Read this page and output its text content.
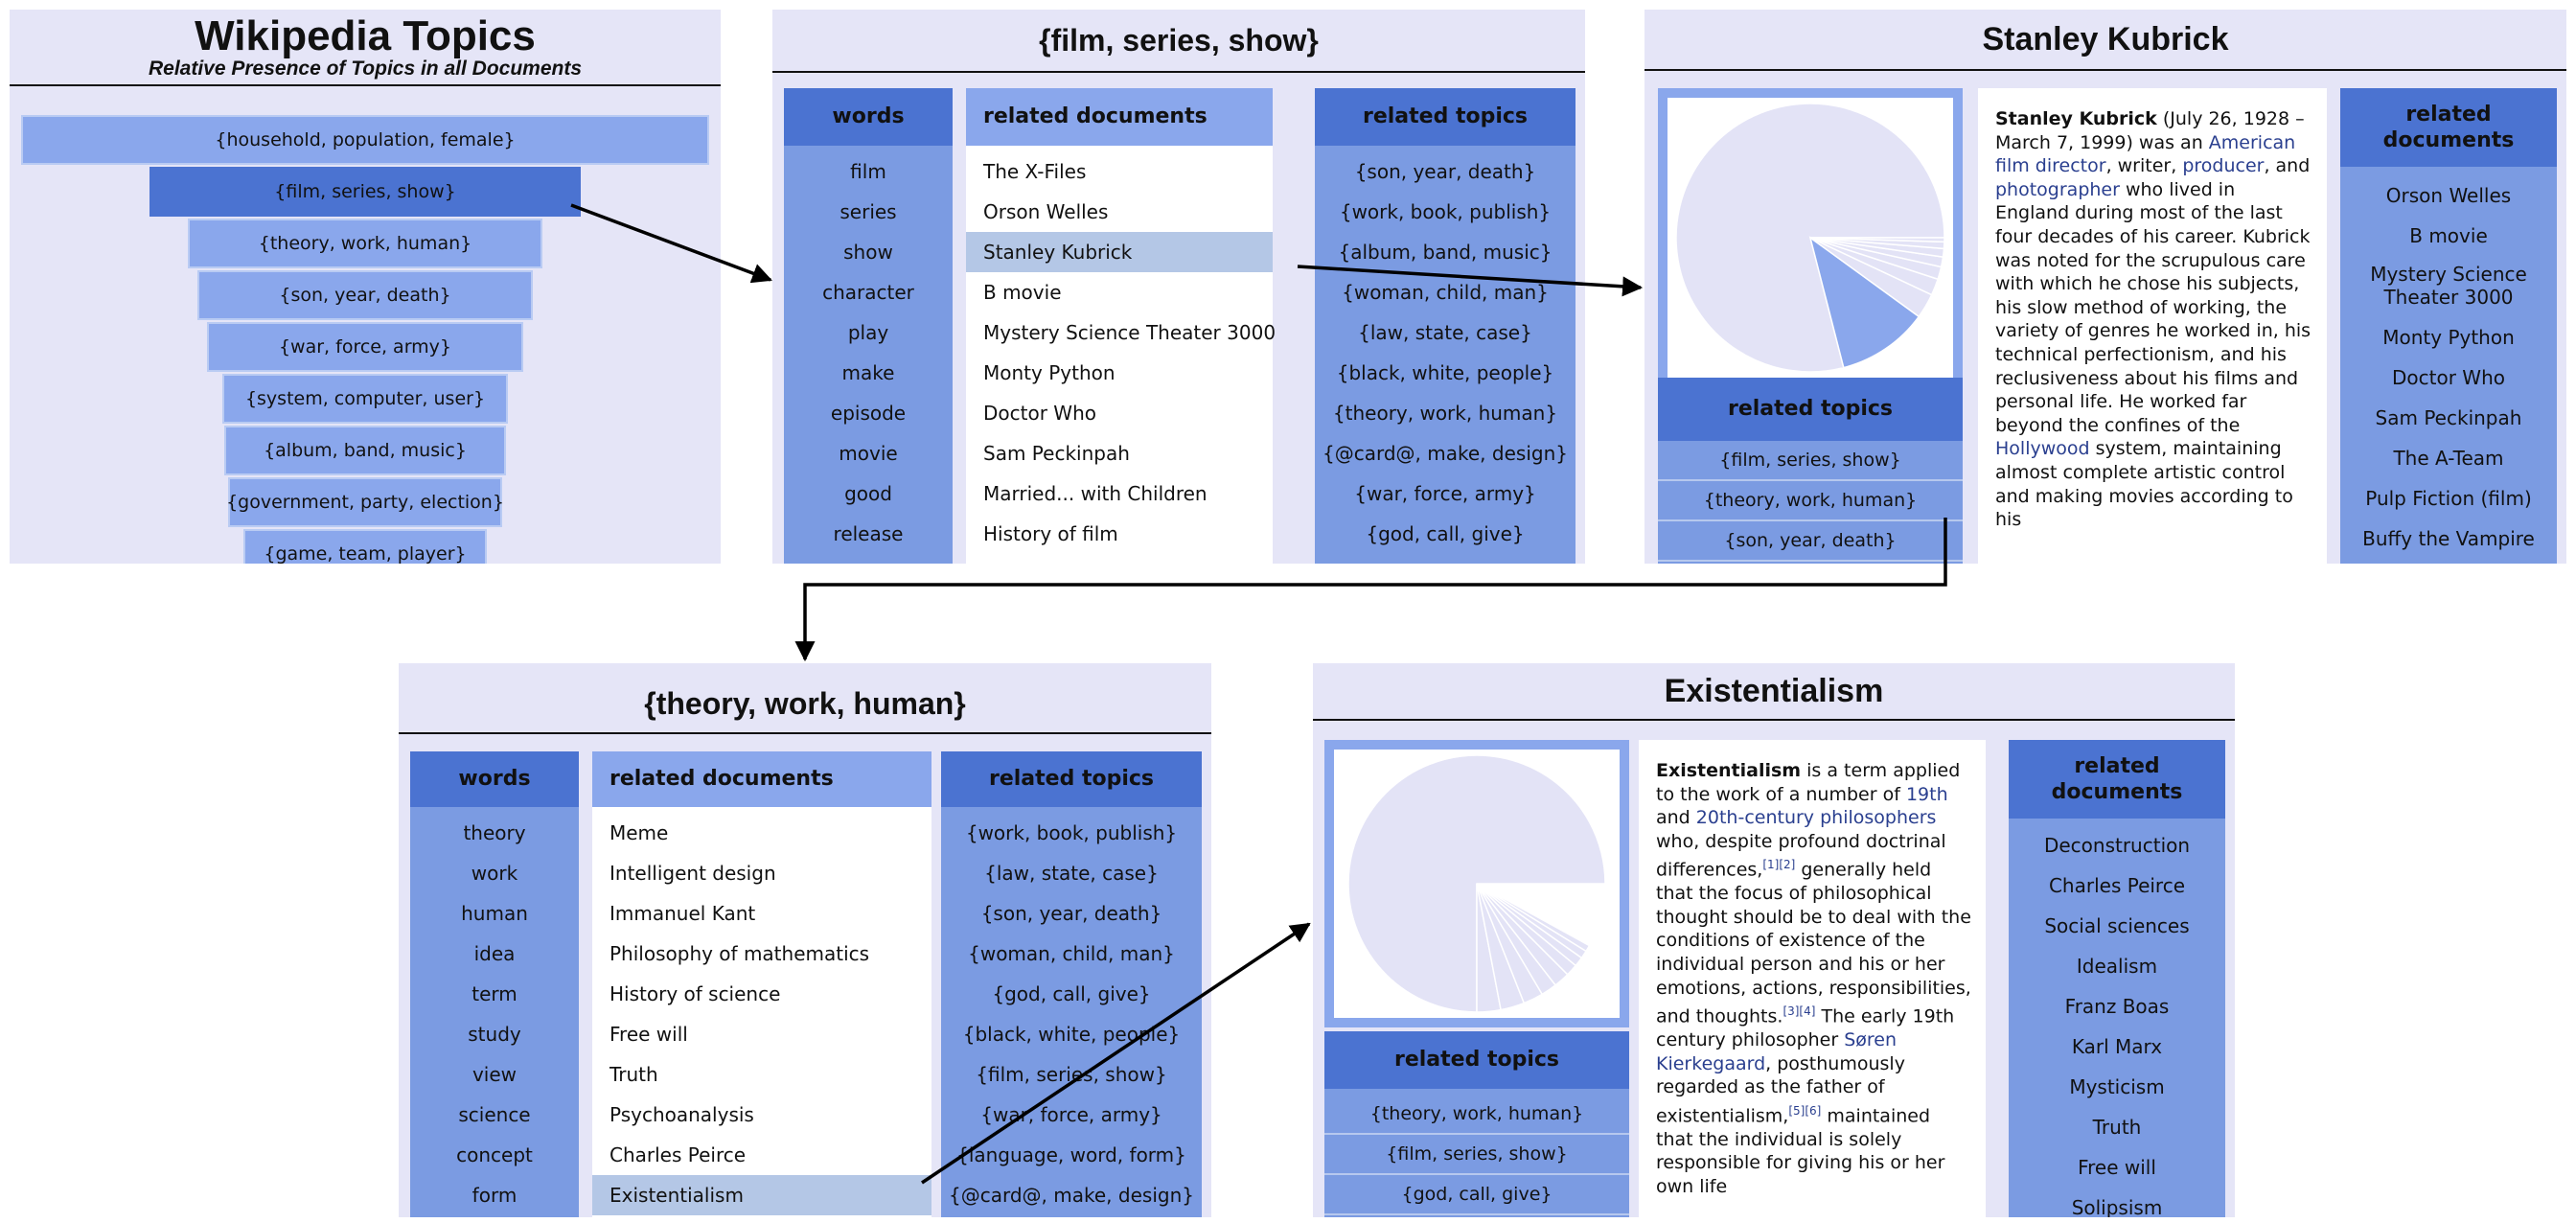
Wikipedia Topics
Relative Presence of Topics in all Documents
{household, population, female}
{film, series, show}
{theory, work, human}
{son, year, death}
{war, force, army}
{system, computer, user}
{album, band, music}
{government, party, election}
{game, team, player}
{film, series, show}
words
film
series
show
character
play
make
episode
movie
good
release
related documents
The X-Files
Orson Welles
Stanley Kubrick
B movie
Mystery Science Theater 3000
Monty Python
Doctor Who
Sam Peckinpah
Married... with Children
History of film
related topics
{son, year, death}
{work, book, publish}
{album, band, music}
{woman, child, man}
{law, state, case}
{black, white, people}
{theory, work, human}
{@card@, make, design}
{war, force, army}
{god, call, give}
Stanley Kubrick
related topics
{film, series, show}
{theory, work, human}
{son, year, death}
Stanley Kubrick (July 26, 1928 – March 7, 1999) was an American film director, writer, producer, and photographer who lived in England during most of the last four decades of his career. Kubrick was noted for the scrupulous care with which he chose his subjects, his slow method of working, the variety of genres he worked in, his technical perfectionism, and his reclusiveness about his films and personal life. He worked far beyond the confines of the Hollywood system, maintaining almost complete artistic control and making movies according to his
related documents
Orson Welles
B movie
Mystery Science Theater 3000
Monty Python
Doctor Who
Sam Peckinpah
The A-Team
Pulp Fiction (film)
Buffy the Vampire
{theory, work, human}
words
theory
work
human
idea
term
study
view
science
concept
form
related documents
Meme
Intelligent design
Immanuel Kant
Philosophy of mathematics
History of science
Free will
Truth
Psychoanalysis
Charles Peirce
Existentialism
related topics
{work, book, publish}
{law, state, case}
{son, year, death}
{woman, child, man}
{god, call, give}
{black, white, people}
{film, series, show}
{war, force, army}
{language, word, form}
{@card@, make, design}
Existentialism
related topics
{theory, work, human}
{film, series, show}
{god, call, give}
Existentialism is a term applied to the work of a number of 19th and 20th-century philosophers who, despite profound doctrinal differences,[1][2] generally held that the focus of philosophical thought should be to deal with the conditions of existence of the individual person and his or her emotions, actions, responsibilities, and thoughts.[3][4] The early 19th century philosopher Søren Kierkegaard, posthumously regarded as the father of existentialism,[5][6] maintained that the individual is solely responsible for giving his or her own life
related documents
Deconstruction
Charles Peirce
Social sciences
Idealism
Franz Boas
Karl Marx
Mysticism
Truth
Free will
Solipsism
